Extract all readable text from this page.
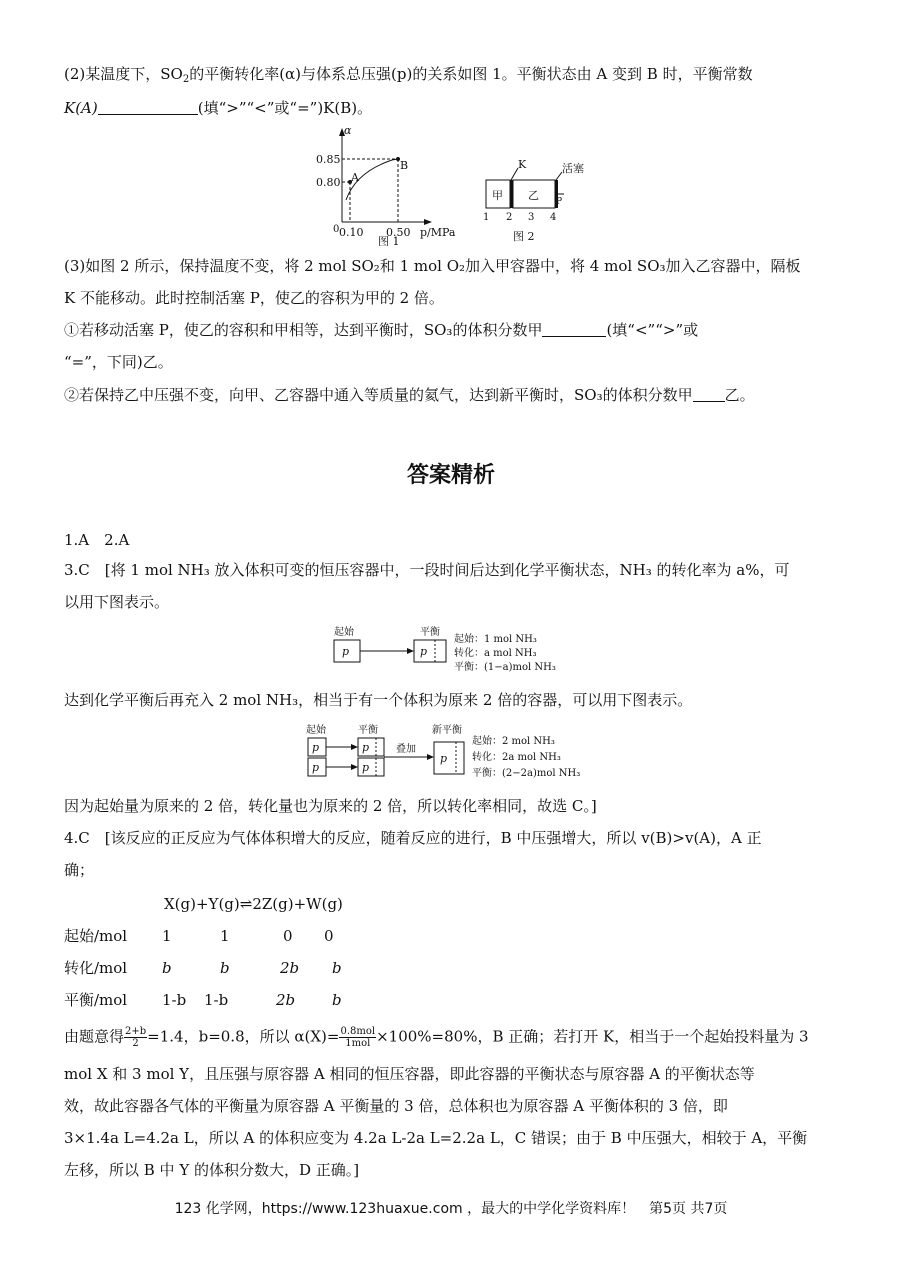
(2)某温度下，$SO_2$的平衡转化率(α)与体系总压强(p)的关系如图 1。平衡状态由 A 变到 B 时，平衡常数
K(A)	(填“>”“<”或“=”)K(B)。
α
0.85
0.80
0 0.10 0.50 p/MPa
A
B
图 1
甲 乙
K	活塞
P
1 2 3 4
图 2
(3)如图 2 所示，保持温度不变，将 2 mol SO₂和 1 mol O₂加入甲容器中，将 4 mol SO₃加入乙容器中，隔板
K 不能移动。此时控制活塞 P，使乙的容积为甲的 2 倍。
①若移动活塞 P，使乙的容积和甲相等，达到平衡时，SO₃的体积分数甲	(填“<”“>”或
“=”，下同)乙。
②若保持乙中压强不变，向甲、乙容器中通入等质量的氦气，达到新平衡时，SO₃的体积分数甲 乙。
答案精析
1.A　2.A
3.C　[将 1 mol NH₃ 放入体积可变的恒压容器中，一段时间后达到化学平衡状态，NH₃ 的转化率为 a%，可
以用下图表示。
起始	平衡
p	p
起始：1 mol NH₃
转化：a mol NH₃
平衡：(1−a)mol NH₃
达到化学平衡后再充入 2 mol NH₃，相当于有一个体积为原来 2 倍的容器，可以用下图表示。
起始	平衡	新平衡
p
p
p
p
叠加
p
起始：2 mol NH₃
转化：2a mol NH₃
平衡：(2−2a)mol NH₃
因为起始量为原来的 2 倍，转化量也为原来的 2 倍，所以转化率相同，故选 C。]
4.C　[该反应的正反应为气体体积增大的反应，随着反应的进行，B 中压强增大，所以 v(B)>v(A)，A 正
确；
X(g)+Y(g)⇌2Z(g)+W(g)
起始/mol 1	1	0 0
转化/mol b	b	2b b
平衡/mol 1-b 1-b	2b b
由题意得 $\frac{2+b}{2} =1.4$，b=0.8，所以 $\alpha(X)= \frac{\text{0.8mol}}{\text{1mol}} \times 100\%=80\%$，B 正确；若打开 K，相当于一个起始投料量为 3
mol X 和 3 mol Y，且压强与原容器 A 相同的恒压容器，即此容器的平衡状态与原容器 A 的平衡状态等
效，故此容器各气体的平衡量为原容器 A 平衡量的 3 倍，总体积也为原容器 A 平衡体积的 3 倍，即
3×1.4a L=4.2a L，所以 A 的体积应变为 4.2a L-2a L=2.2a L，C 错误；由于 B 中压强大，相较于 A，平衡
左移，所以 B 中 Y 的体积分数大，D 正确。]
123 化学网，https://www.123huaxue.com ，最大的中学化学资料库！　第5页 共7页
